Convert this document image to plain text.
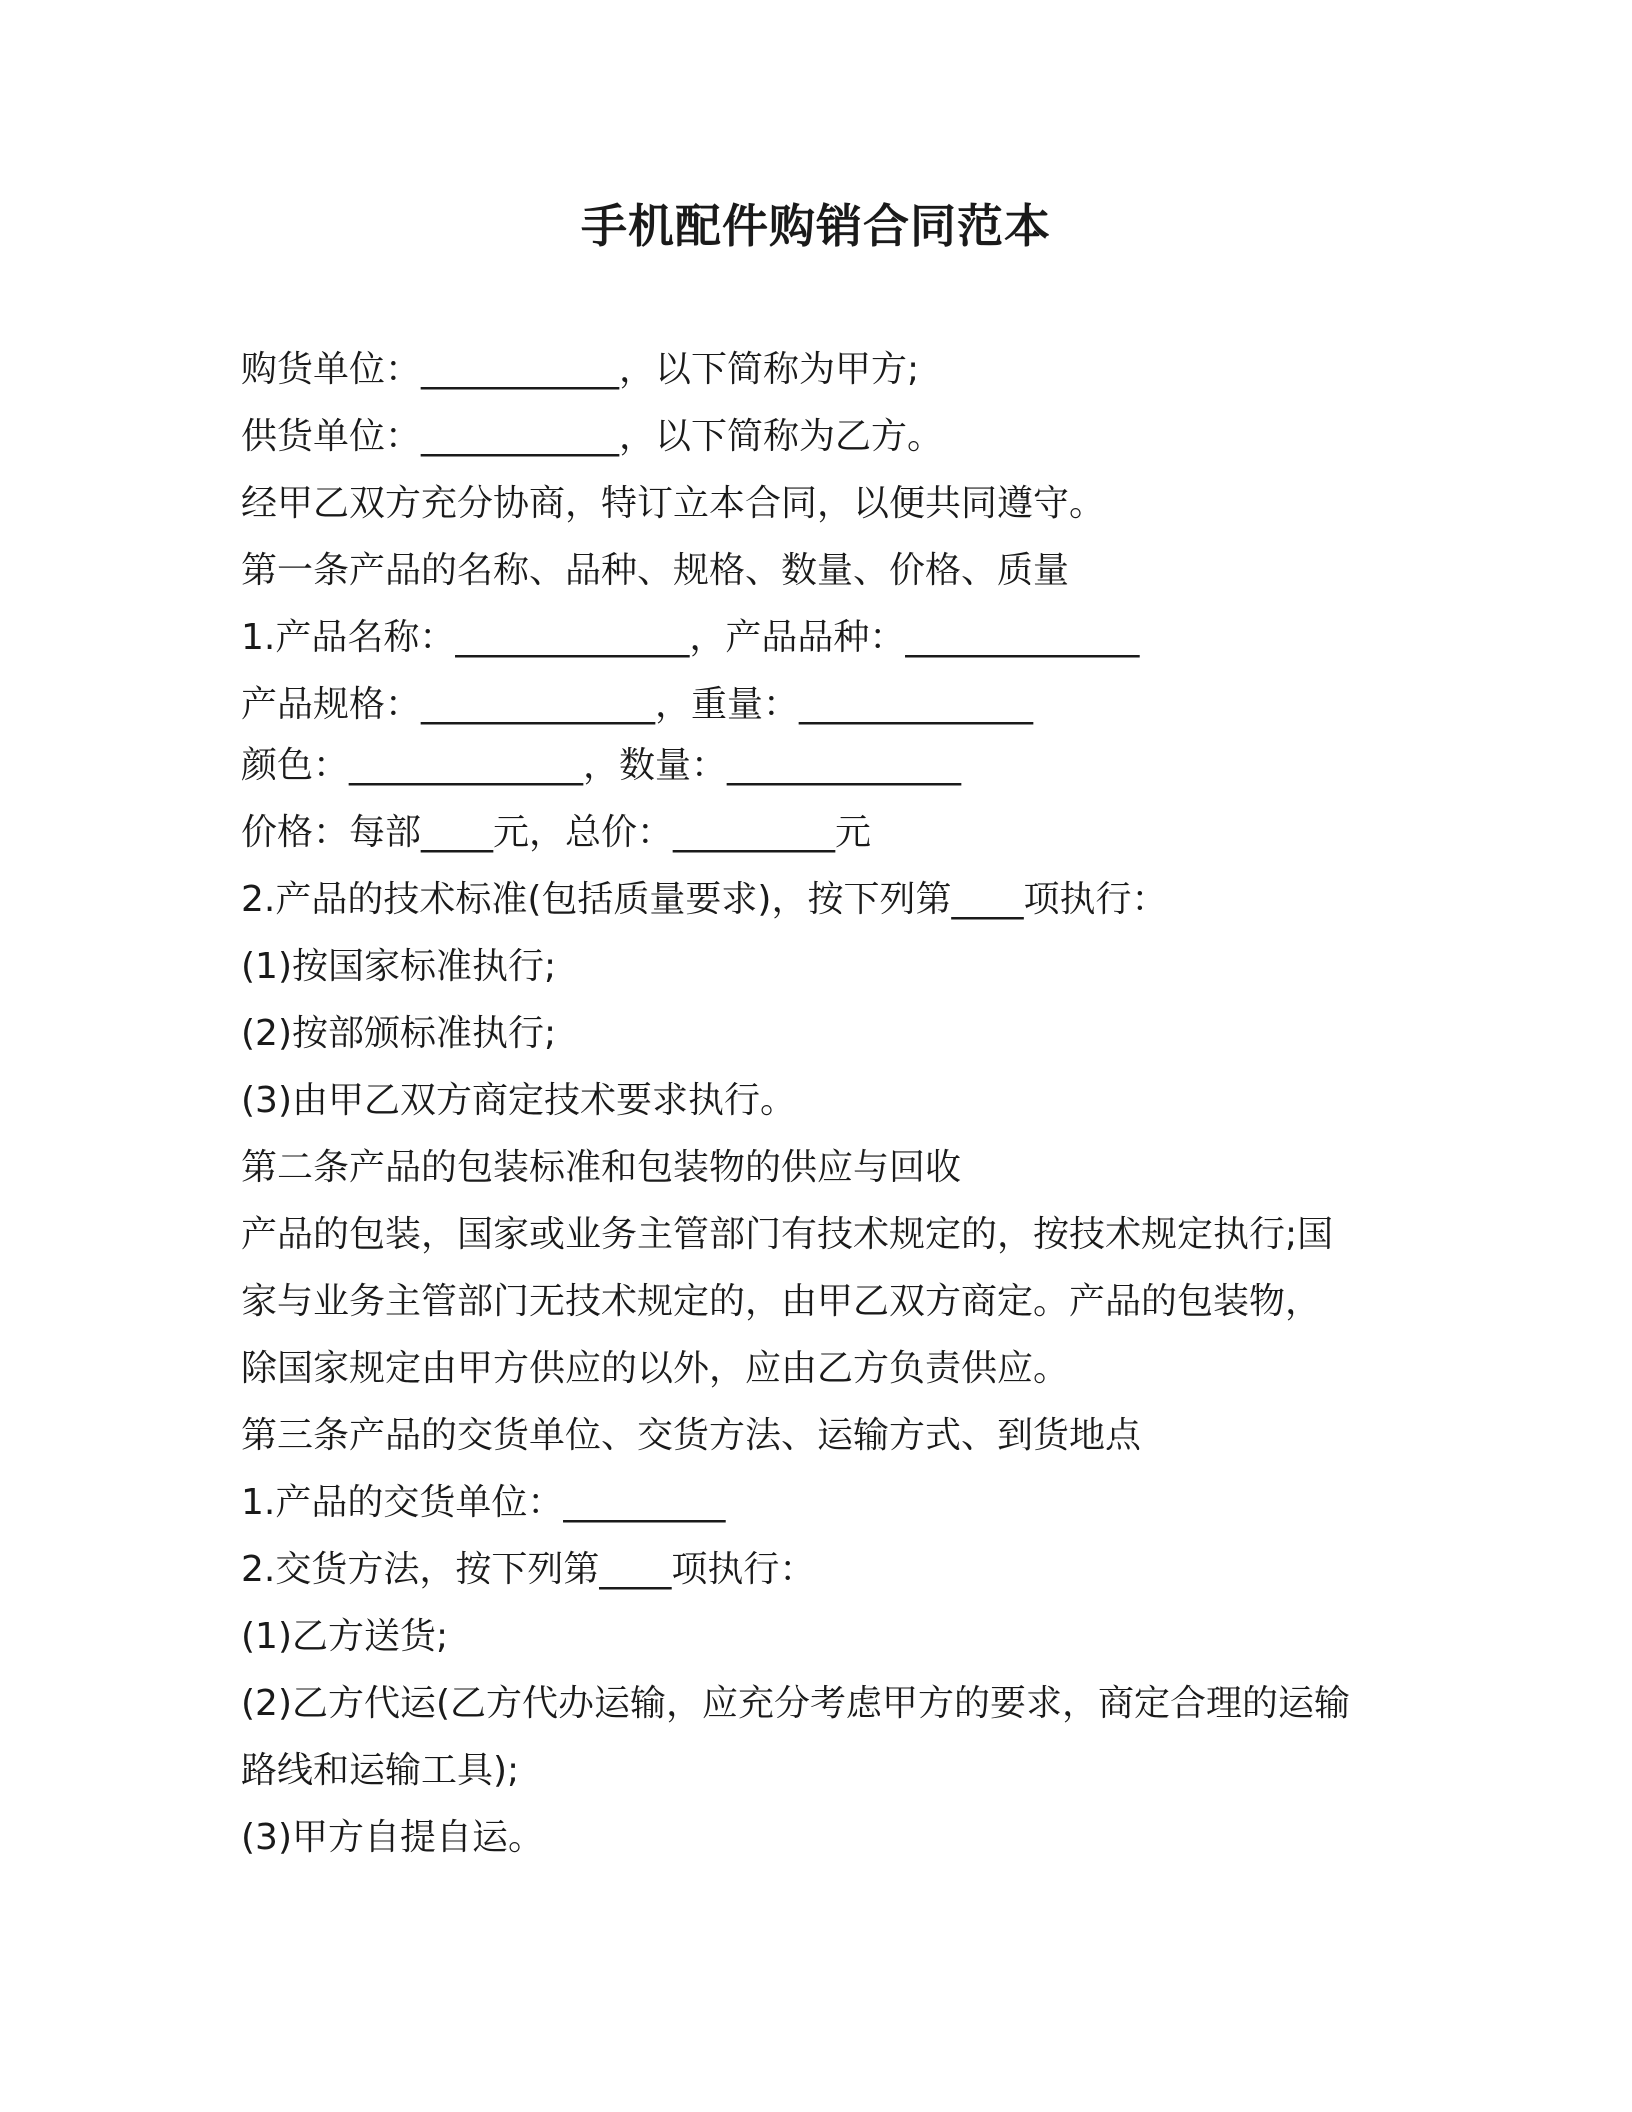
手机配件购销合同范本

购货单位：___________，以下简称为甲方;

供货单位：___________，以下简称为乙方。

经甲乙双方充分协商，特订立本合同，以便共同遵守。

第一条产品的名称、品种、规格、数量、价格、质量

1.产品名称：_____________，产品品种：_____________

产品规格：_____________，重量：_____________

颜色：_____________，数量：_____________

价格：每部____元，总价：_________元

2.产品的技术标准(包括质量要求)，按下列第____项执行：

(1)按国家标准执行;

(2)按部颁标准执行;

(3)由甲乙双方商定技术要求执行。

第二条产品的包装标准和包装物的供应与回收

产品的包装，国家或业务主管部门有技术规定的，按技术规定执行;国

家与业务主管部门无技术规定的，由甲乙双方商定。产品的包装物，

除国家规定由甲方供应的以外，应由乙方负责供应。

第三条产品的交货单位、交货方法、运输方式、到货地点

1.产品的交货单位：_________

2.交货方法，按下列第____项执行：

(1)乙方送货;

(2)乙方代运(乙方代办运输，应充分考虑甲方的要求，商定合理的运输

路线和运输工具);

(3)甲方自提自运。
